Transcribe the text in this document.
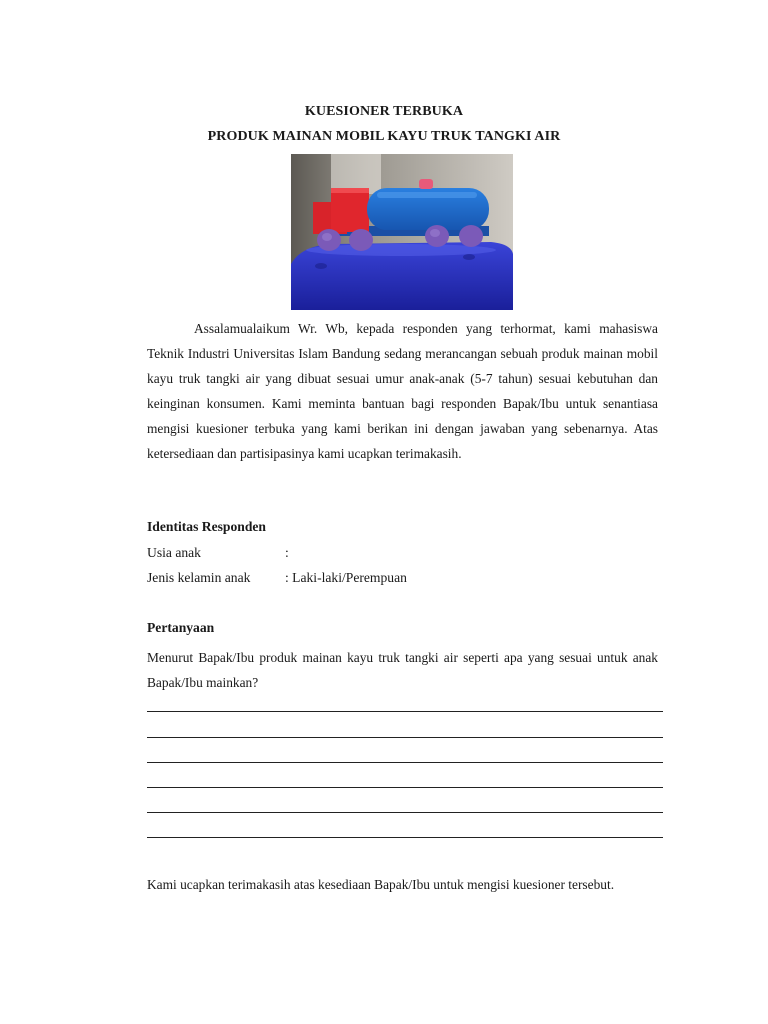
KUESIONER TERBUKA
PRODUK MAINAN MOBIL KAYU TRUK TANGKI AIR

Assalamualaikum Wr. Wb, kepada responden yang terhormat, kami mahasiswa Teknik Industri Universitas Islam Bandung sedang merancangan sebuah produk mainan mobil kayu truk tangki air yang dibuat sesuai umur anak-anak (5-7 tahun) sesuai kebutuhan dan keinginan konsumen. Kami meminta bantuan bagi responden Bapak/Ibu untuk senantiasa mengisi kuesioner terbuka yang kami berikan ini dengan jawaban yang sebenarnya. Atas ketersediaan dan partisipasinya kami ucapkan terimakasih.

Identitas Responden
Usia anak	:
Jenis kelamin anak	: Laki-laki/Perempuan
Pertanyaan

Menurut Bapak/Ibu produk mainan kayu truk tangki air seperti apa yang sesuai untuk anak Bapak/Ibu mainkan?

Kami ucapkan terimakasih atas kesediaan Bapak/Ibu untuk mengisi kuesioner tersebut.
